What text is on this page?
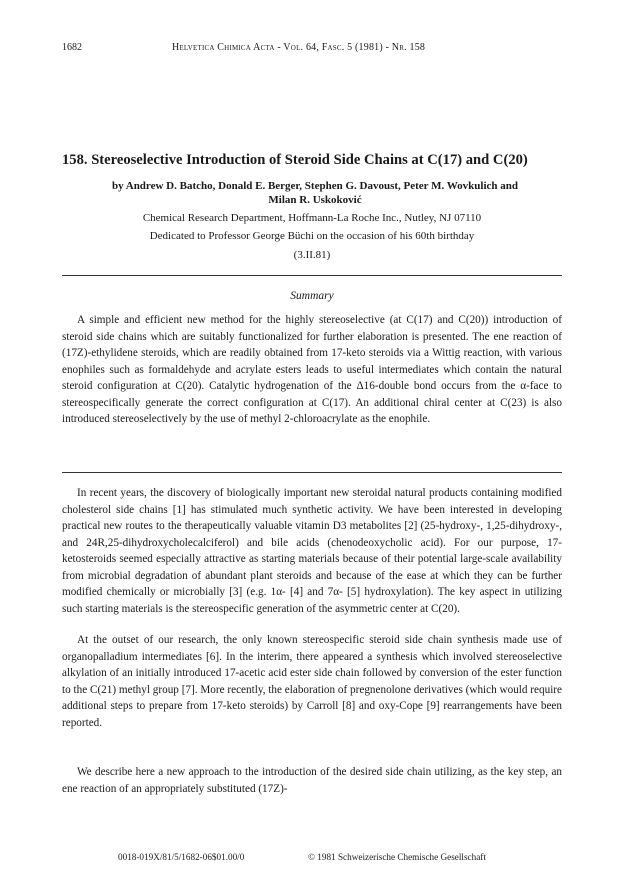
1682	Helvetica Chimica Acta - Vol. 64, Fasc. 5 (1981) - Nr. 158
158. Stereoselective Introduction of Steroid Side Chains at C(17) and C(20)
by Andrew D. Batcho, Donald E. Berger, Stephen G. Davoust, Peter M. Wovkulich and
Milan R. Uskoković
Chemical Research Department, Hoffmann-La Roche Inc., Nutley, NJ 07110
Dedicated to Professor George Büchi on the occasion of his 60th birthday
(3.II.81)
Summary

A simple and efficient new method for the highly stereoselective (at C(17) and C(20)) introduction of steroid side chains which are suitably functionalized for further elaboration is presented. The ene reaction of (17Z)-ethylidene steroids, which are readily obtained from 17-keto steroids via a Wittig reaction, with various enophiles such as formaldehyde and acrylate esters leads to useful intermediates which contain the natural steroid configuration at C(20). Catalytic hydrogenation of the Δ16-double bond occurs from the α-face to stereospecifically generate the correct configuration at C(17). An additional chiral center at C(23) is also introduced stereoselectively by the use of methyl 2-chloroacrylate as the enophile.

In recent years, the discovery of biologically important new steroidal natural products containing modified cholesterol side chains [1] has stimulated much synthetic activity. We have been interested in developing practical new routes to the therapeutically valuable vitamin D3 metabolites [2] (25-hydroxy-, 1,25-dihydroxy-, and 24R,25-dihydroxycholecalciferol) and bile acids (chenodeoxycholic acid). For our purpose, 17-ketosteroids seemed especially attractive as starting materials because of their potential large-scale availability from microbial degradation of abundant plant steroids and because of the ease at which they can be further modified chemically or microbially [3] (e.g. 1α- [4] and 7α- [5] hydroxylation). The key aspect in utilizing such starting materials is the stereospecific generation of the asymmetric center at C(20).

At the outset of our research, the only known stereospecific steroid side chain synthesis made use of organopalladium intermediates [6]. In the interim, there appeared a synthesis which involved stereoselective alkylation of an initially introduced 17-acetic acid ester side chain followed by conversion of the ester function to the C(21) methyl group [7]. More recently, the elaboration of pregnenolone derivatives (which would require additional steps to prepare from 17-keto steroids) by Carroll [8] and oxy-Cope [9] rearrangements have been reported.

We describe here a new approach to the introduction of the desired side chain utilizing, as the key step, an ene reaction of an appropriately substituted (17Z)-

0018-019X/81/5/1682-06$01.00/0	© 1981 Schweizerische Chemische Gesellschaft
